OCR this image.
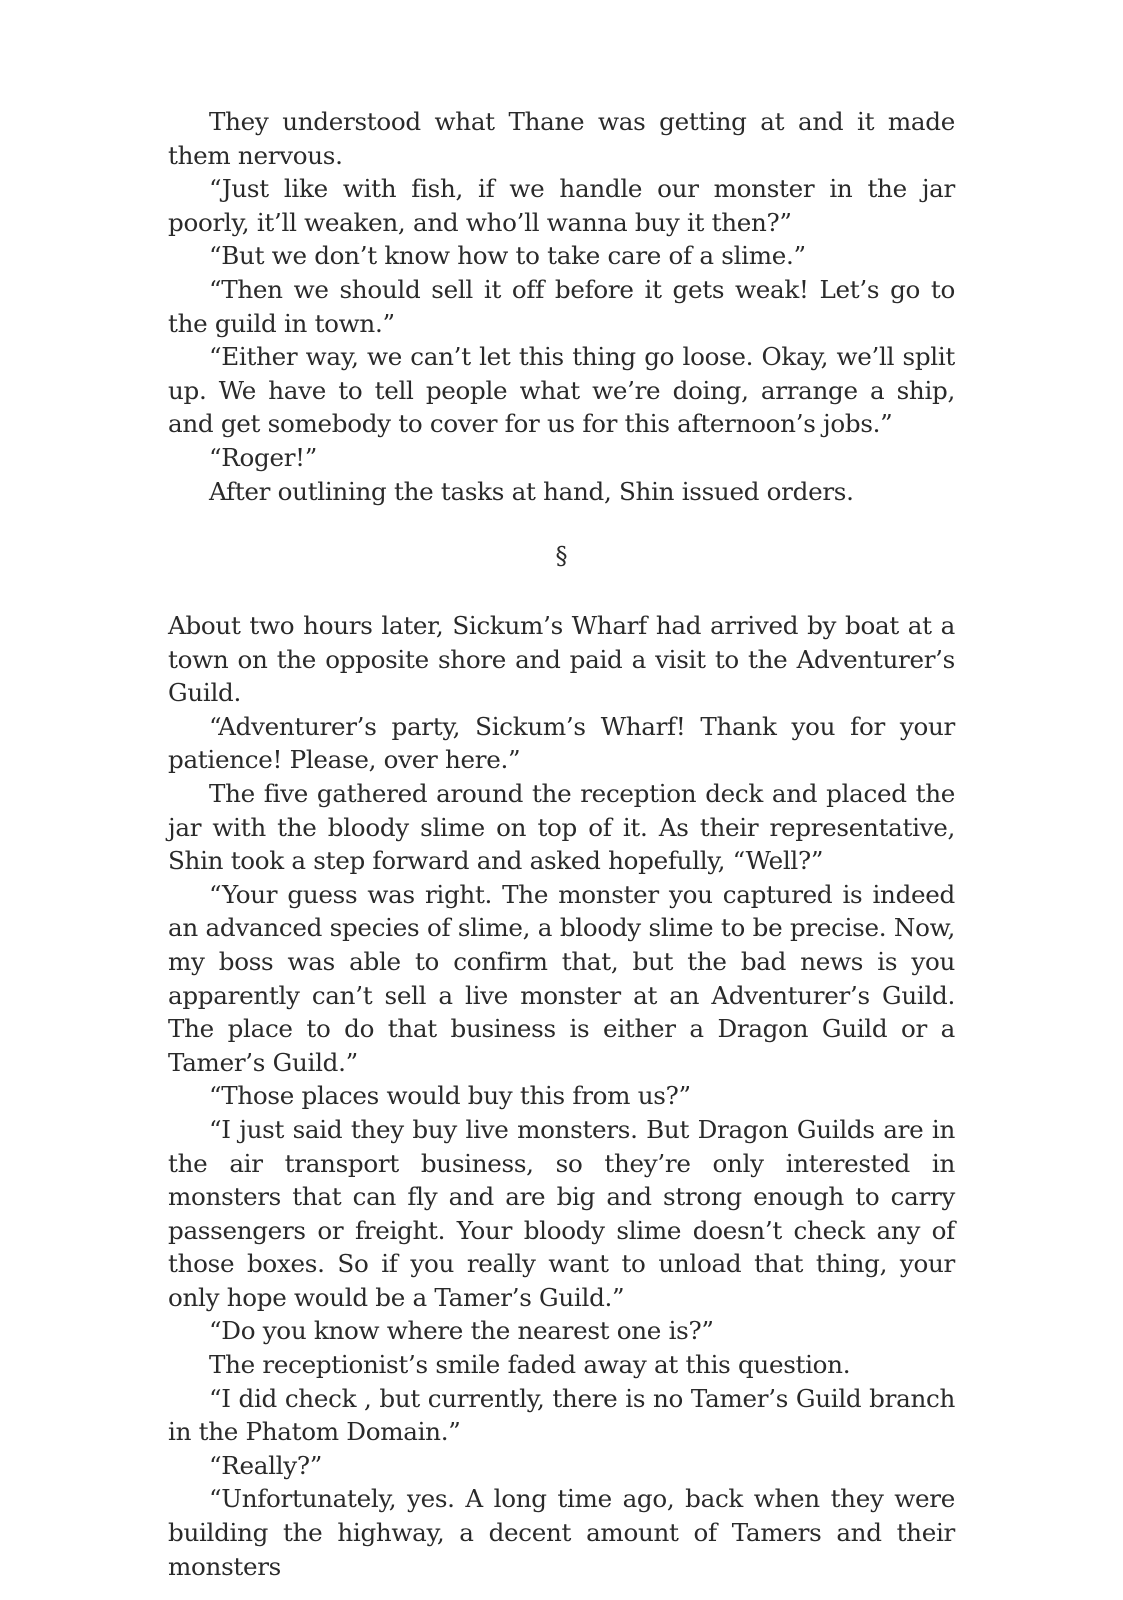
They understood what Thane was getting at and it made them nervous.

“Just like with fish, if we handle our monster in the jar poorly, it’ll weaken, and who’ll wanna buy it then?”

“But we don’t know how to take care of a slime.”

“Then we should sell it off before it gets weak! Let’s go to the guild in town.”

“Either way, we can’t let this thing go loose. Okay, we’ll split up. We have to tell people what we’re doing, arrange a ship, and get somebody to cover for us for this afternoon’s jobs.”

“Roger!”

After outlining the tasks at hand, Shin issued orders.

§

About two hours later, Sickum’s Wharf had arrived by boat at a town on the opposite shore and paid a visit to the Adventurer’s Guild.

“Adventurer’s party, Sickum’s Wharf! Thank you for your patience! Please, over here.”

The five gathered around the reception deck and placed the jar with the bloody slime on top of it. As their representative, Shin took a step forward and asked hopefully, “Well?”

“Your guess was right. The monster you captured is indeed an advanced species of slime, a bloody slime to be precise. Now, my boss was able to confirm that, but the bad news is you apparently can’t sell a live monster at an Adventurer’s Guild. The place to do that business is either a Dragon Guild or a Tamer’s Guild.”

“Those places would buy this from us?”

“I just said they buy live monsters. But Dragon Guilds are in the air transport business, so they’re only interested in monsters that can fly and are big and strong enough to carry passengers or freight. Your bloody slime doesn’t check any of those boxes. So if you really want to unload that thing, your only hope would be a Tamer’s Guild.”

“Do you know where the nearest one is?”

The receptionist’s smile faded away at this question.

“I did check , but currently, there is no Tamer’s Guild branch in the Phatom Domain.”

“Really?”

“Unfortunately, yes. A long time ago, back when they were building the highway, a decent amount of Tamers and their monsters
